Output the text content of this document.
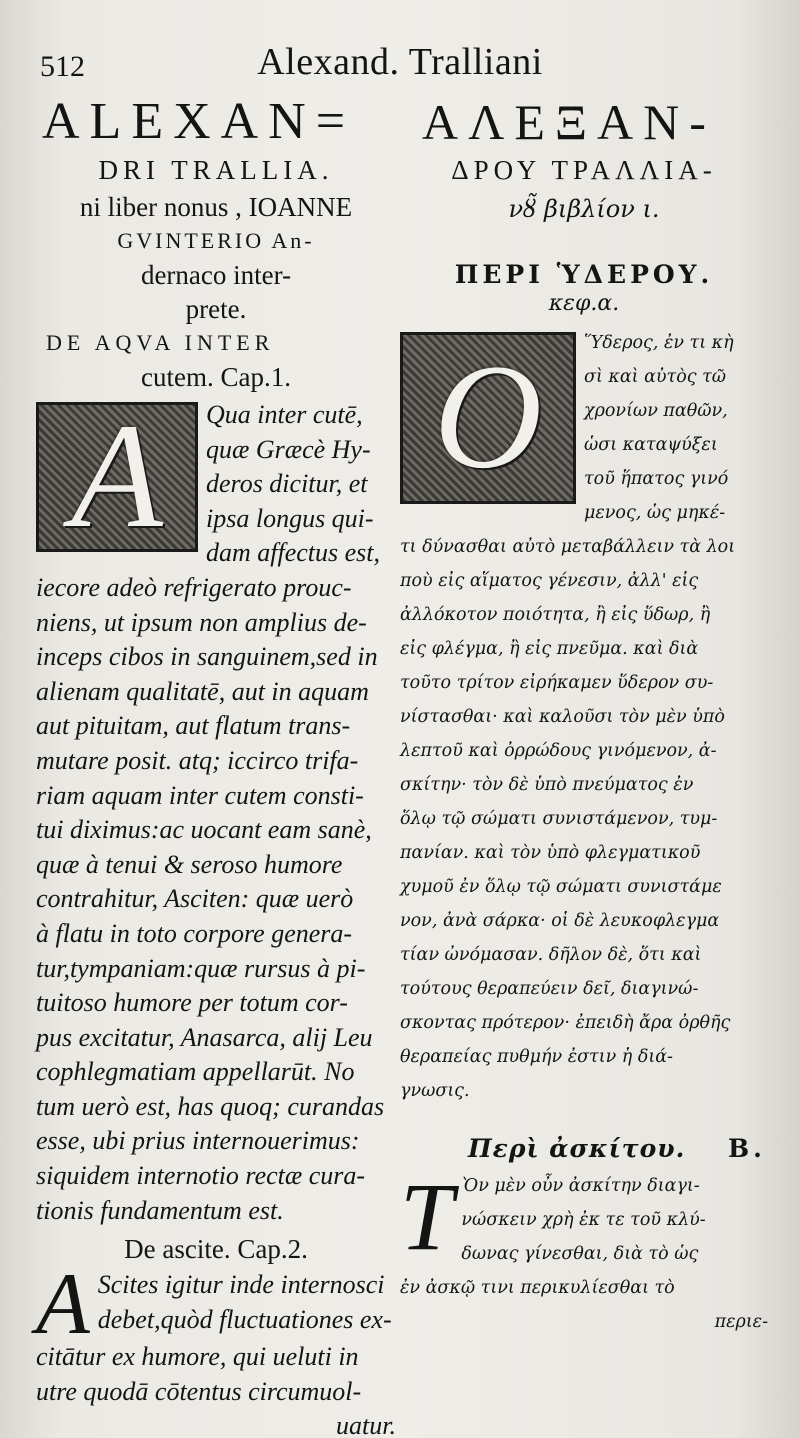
512	Alexand. Tralliani
ALEXAN=
DRI TRALLIA.
ni liber nonus , IOANNE
GVINTERIO An-
dernaco inter-
prete.
DE AQVA INTER
cutem. Cap.1.
A	Qua inter cutē,
quæ Græcè Hy-
deros dicitur, et
ipsa longus qui-
dam affectus est,
iecore adeò refrigerato prouc-
niens, ut ipsum non amplius de-
inceps cibos in sanguinem,sed in
alienam qualitatē, aut in aquam
aut pituitam, aut flatum trans-
mutare posit. atq; iccirco trifa-
riam aquam inter cutem consti-
tui diximus:ac uocant eam sanè,
quæ à tenui & seroso humore
contrahitur, Asciten: quæ uerò
à flatu in toto corpore genera-
tur,tympaniam:quæ rursus à pi-
tuitoso humore per totum cor-
pus excitatur, Anasarca, alij Leu
cophlegmatiam appellarūt. No
tum uerò est, has quoq; curandas
esse, ubi prius internouerimus:
siquidem internotio rectæ cura-
tionis fundamentum est.
De ascite. Cap.2.
A Scites igitur inde internosci
debet,quòd fluctuationes ex-
citātur ex humore, qui ueluti in
utre quodā cōtentus circumuol-
uatur.
ΑΛΕΞΑΝ-
ΔΡΟΥ ΤΡΑΛΛΙΑ-
νȣ̃ βιβλίον ι.
ΠΕΡΙ ὙΔΕΡΟΥ.
κεφ.α.
Ο	Ὕδερος, ἐν τι κὴ
σὶ καὶ αὐτὸς τῶ
χρονίων παθῶν,
ὡσι καταψύξει
τοῦ ἥπατος γινό
μενος, ὡς μηκέ-
τι δύνασθαι αὐτὸ μεταβάλλειν τὰ λοι
ποὺ εἰς αἵματος γένεσιν, ἀλλ' εἰς
ἀλλόκοτον ποιότητα, ἢ εἰς ὕδωρ, ἢ
εἰς φλέγμα, ἢ εἰς πνεῦμα. καὶ διὰ
τοῦτο τρίτον εἰρήκαμεν ὕδερον συ-
νίστασθαι· καὶ καλοῦσι τὸν μὲν ὑπὸ
λεπτοῦ καὶ ὀρρώδους γινόμενον, ἀ-
σκίτην· τὸν δὲ ὑπὸ πνεύματος ἐν
ὅλῳ τῷ σώματι συνιστάμενον, τυμ-
πανίαν. καὶ τὸν ὑπὸ φλεγματικοῦ
χυμοῦ ἐν ὅλῳ τῷ σώματι συνιστάμε
νον, ἀνὰ σάρκα· οἱ δὲ λευκοφλεγμα
τίαν ὠνόμασαν. δῆλον δὲ, ὅτι καὶ
τούτους θεραπεύειν δεῖ, διαγινώ-
σκοντας πρότερον· ἐπειδὴ ἄρα ὀρθῆς
θεραπείας πυθμήν ἐστιν ἡ διά-
γνωσις.
Περὶ ἀσκίτου. Β.
Τ Ὸν μὲν οὖν ἀσκίτην διαγι-
νώσκειν χρὴ ἐκ τε τοῦ κλύ-
δωνας γίνεσθαι, διὰ τὸ ὡς
ἐν ἀσκῷ τινι περικυλίεσθαι τὸ
περιε-
